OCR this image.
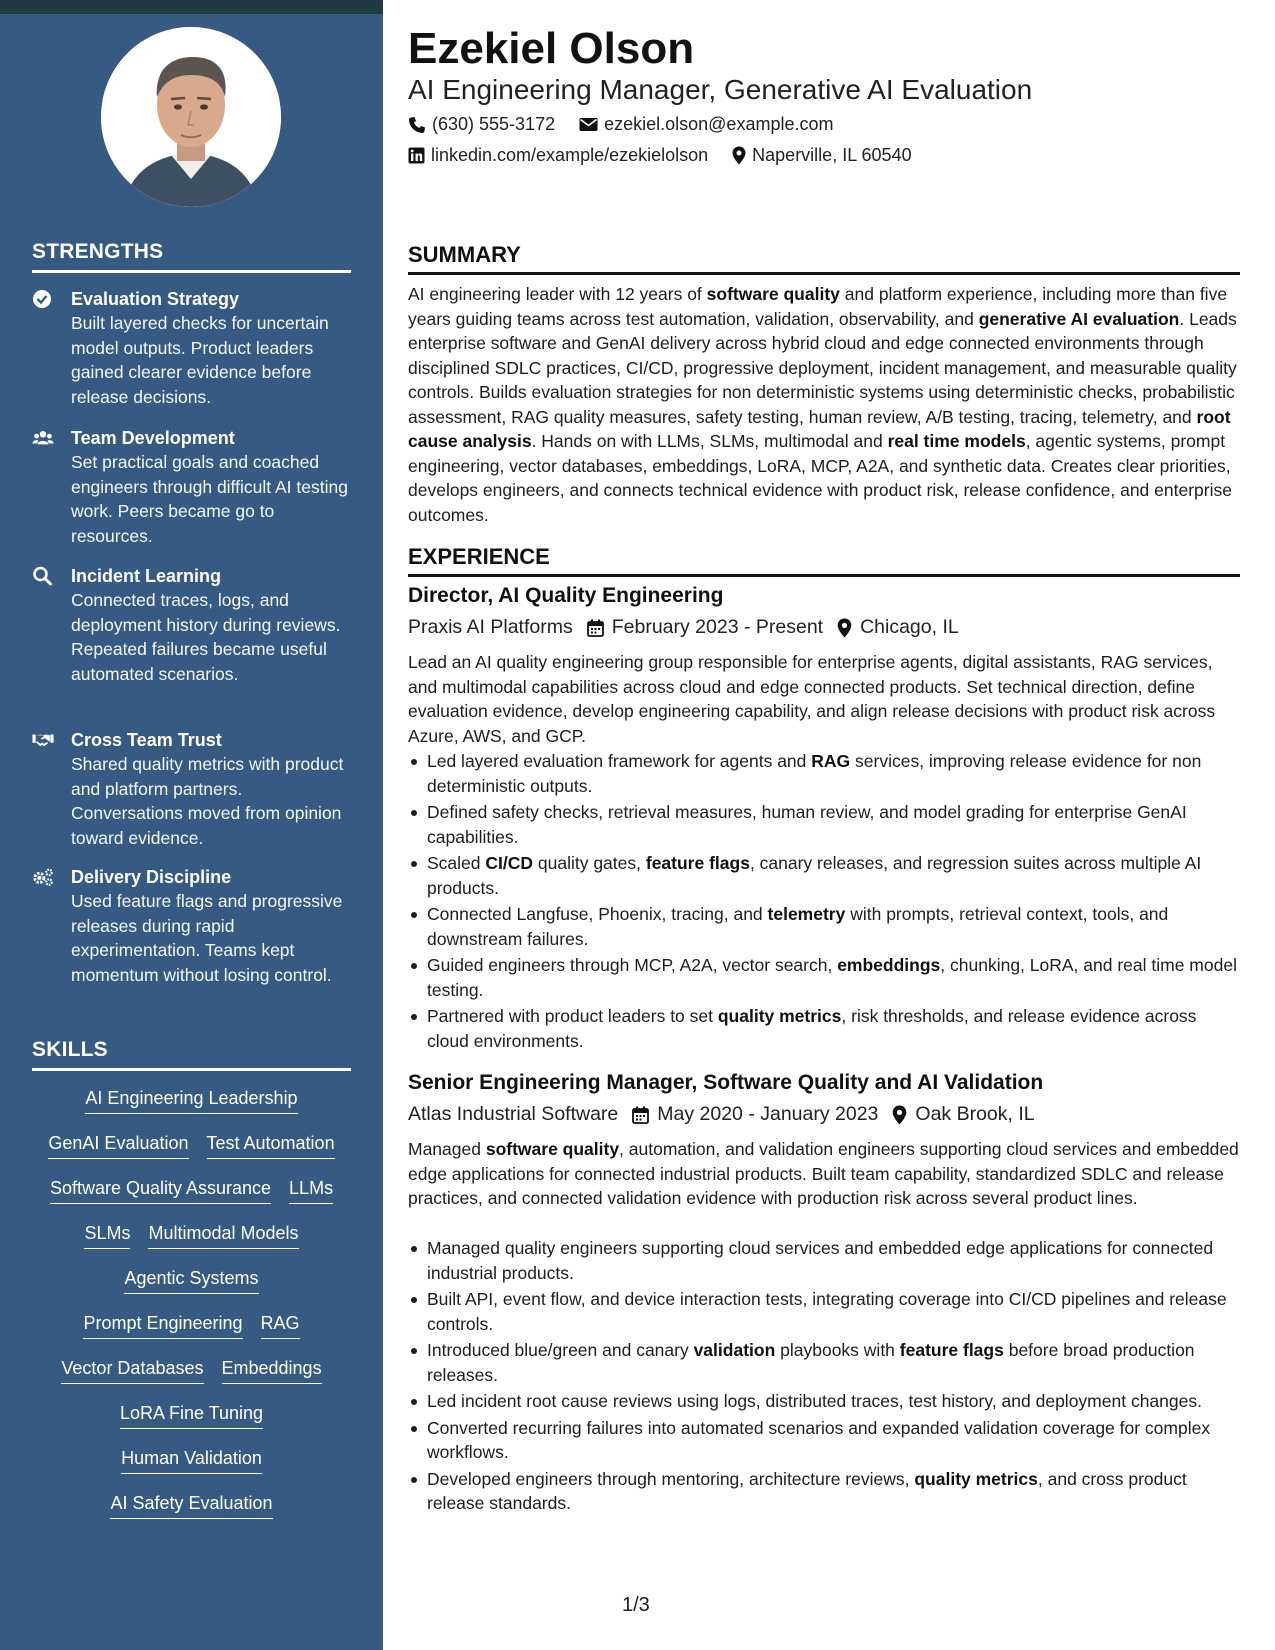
STRENGTHS
Evaluation Strategy
Built layered checks for uncertain model outputs. Product leaders gained clearer evidence before release decisions.
Team Development
Set practical goals and coached engineers through difficult AI testing work. Peers became go to resources.
Incident Learning
Connected traces, logs, and deployment history during reviews. Repeated failures became useful automated scenarios.
Cross Team Trust
Shared quality metrics with product and platform partners. Conversations moved from opinion toward evidence.
Delivery Discipline
Used feature flags and progressive releases during rapid experimentation. Teams kept momentum without losing control.
SKILLS
AI Engineering Leadership
GenAI Evaluation Test Automation
Software Quality Assurance LLMs
SLMs Multimodal Models
Agentic Systems
Prompt Engineering RAG
Vector Databases Embeddings
LoRA Fine Tuning
Human Validation
AI Safety Evaluation
Ezekiel Olson
AI Engineering Manager, Generative AI Evaluation
(630) 555-3172	ezekiel.olson@example.com
linkedin.com/example/ezekielolson Naperville, IL 60540
SUMMARY
AI engineering leader with 12 years of software quality and platform experience, including more than five years guiding teams across test automation, validation, observability, and generative AI evaluation. Leads enterprise software and GenAI delivery across hybrid cloud and edge connected environments through disciplined SDLC practices, CI/CD, progressive deployment, incident management, and measurable quality controls. Builds evaluation strategies for non deterministic systems using deterministic checks, probabilistic assessment, RAG quality measures, safety testing, human review, A/B testing, tracing, telemetry, and root cause analysis. Hands on with LLMs, SLMs, multimodal and real time models, agentic systems, prompt engineering, vector databases, embeddings, LoRA, MCP, A2A, and synthetic data. Creates clear priorities, develops engineers, and connects technical evidence with product risk, release confidence, and enterprise outcomes.
EXPERIENCE
Director, AI Quality Engineering
Praxis AI Platforms February 2023 - Present Chicago, IL
Lead an AI quality engineering group responsible for enterprise agents, digital assistants, RAG services, and multimodal capabilities across cloud and edge connected products. Set technical direction, define evaluation evidence, develop engineering capability, and align release decisions with product risk across Azure, AWS, and GCP.
Led layered evaluation framework for agents and RAG services, improving release evidence for non deterministic outputs.
Defined safety checks, retrieval measures, human review, and model grading for enterprise GenAI capabilities.
Scaled CI/CD quality gates, feature flags, canary releases, and regression suites across multiple AI products.
Connected Langfuse, Phoenix, tracing, and telemetry with prompts, retrieval context, tools, and downstream failures.
Guided engineers through MCP, A2A, vector search, embeddings, chunking, LoRA, and real time model testing.
Partnered with product leaders to set quality metrics, risk thresholds, and release evidence across cloud environments.
Senior Engineering Manager, Software Quality and AI Validation
Atlas Industrial Software May 2020 - January 2023 Oak Brook, IL
Managed software quality, automation, and validation engineers supporting cloud services and embedded edge applications for connected industrial products. Built team capability, standardized SDLC and release practices, and connected validation evidence with production risk across several product lines.
Managed quality engineers supporting cloud services and embedded edge applications for connected industrial products.
Built API, event flow, and device interaction tests, integrating coverage into CI/CD pipelines and release controls.
Introduced blue/green and canary validation playbooks with feature flags before broad production releases.
Led incident root cause reviews using logs, distributed traces, test history, and deployment changes.
Converted recurring failures into automated scenarios and expanded validation coverage for complex workflows.
Developed engineers through mentoring, architecture reviews, quality metrics, and cross product release standards.
1/3
